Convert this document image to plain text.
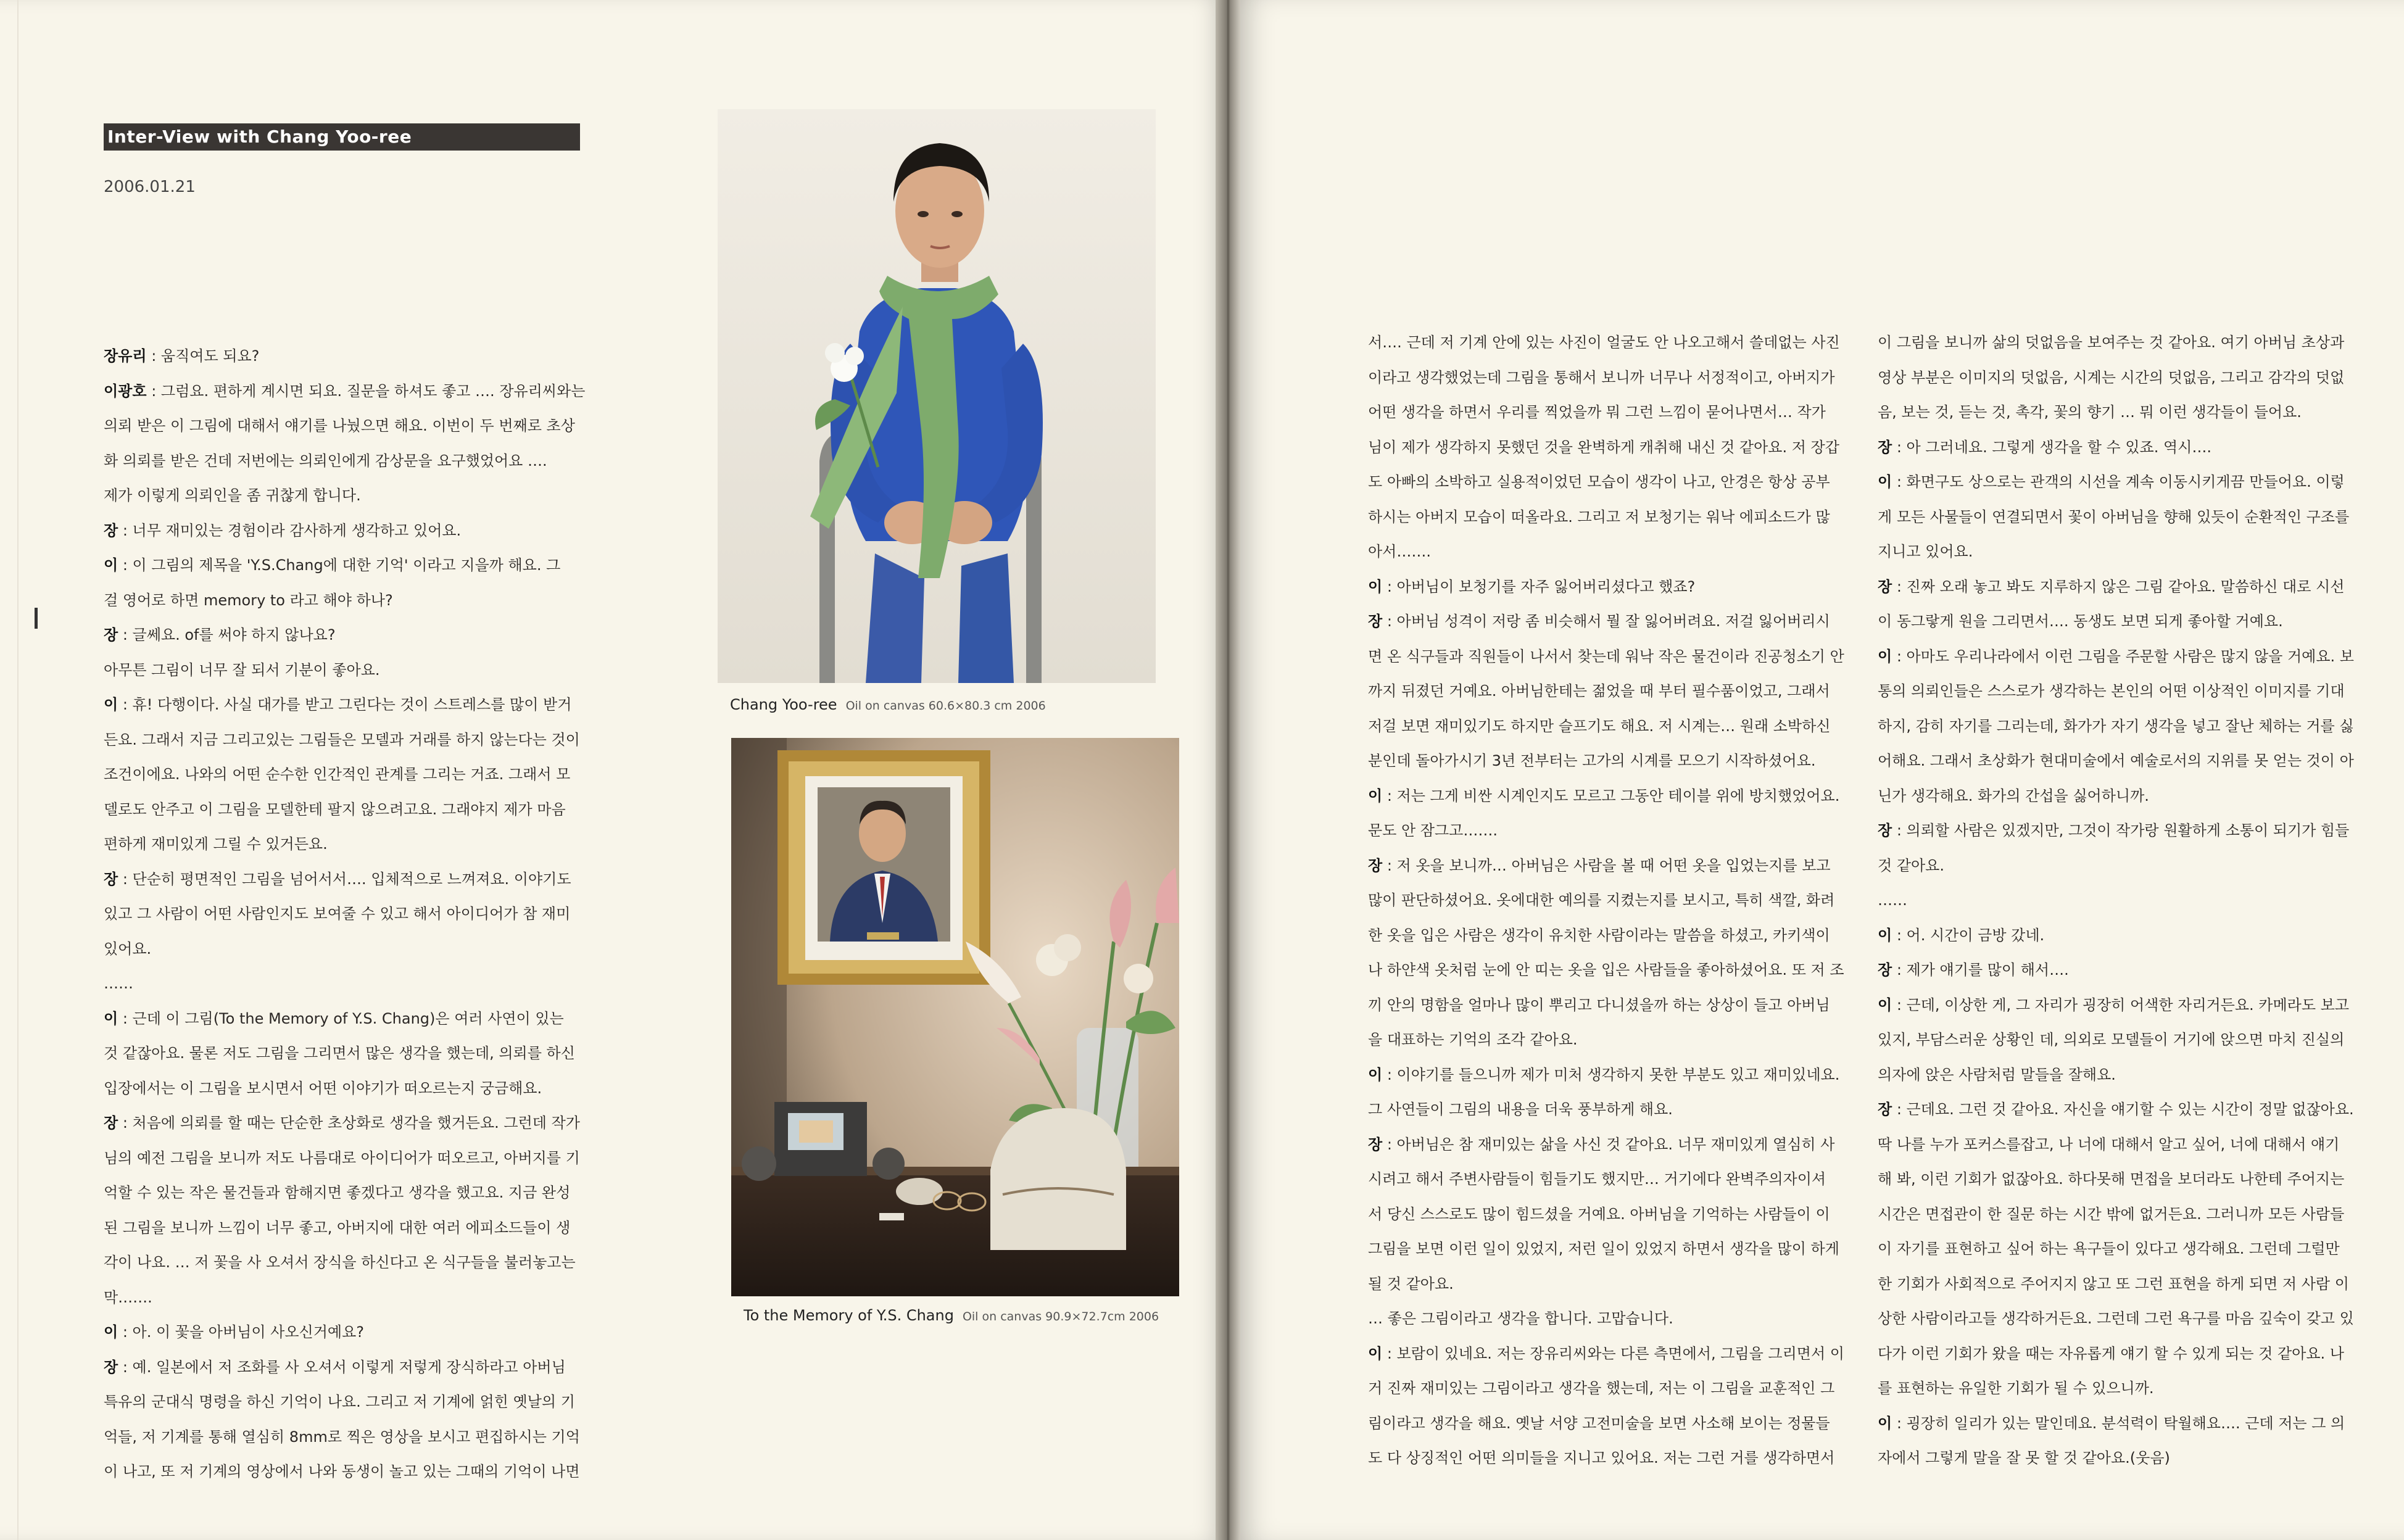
Inter-View with Chang Yoo-ree
2006.01.21

장유리 : 움직여도 되요?

이광호 : 그럼요. 편하게 계시면 되요. 질문을 하셔도 좋고 …. 장유리씨와는

의뢰 받은 이 그림에 대해서 얘기를 나눴으면 해요. 이번이 두 번째로 초상

화 의뢰를 받은 건데 저번에는 의뢰인에게 감상문을 요구했었어요 ….

제가 이렇게 의뢰인을 좀 귀찮게 합니다.

장 : 너무 재미있는 경험이라 감사하게 생각하고 있어요.

이 : 이 그림의 제목을 'Y.S.Chang에 대한 기억' 이라고 지을까 해요. 그

걸 영어로 하면 memory to 라고 해야 하나?

장 : 글쎄요. of를 써야 하지 않나요?

아무튼 그림이 너무 잘 되서 기분이 좋아요.

이 : 휴! 다행이다. 사실 대가를 받고 그린다는 것이 스트레스를 많이 받거

든요. 그래서 지금 그리고있는 그림들은 모델과 거래를 하지 않는다는 것이

조건이에요. 나와의 어떤 순수한 인간적인 관계를 그리는 거죠. 그래서 모

델로도 안주고 이 그림을 모델한테 팔지 않으려고요. 그래야지 제가 마음

편하게 재미있게 그릴 수 있거든요.

장 : 단순히 평면적인 그림을 넘어서서…. 입체적으로 느껴져요. 이야기도

있고 그 사람이 어떤 사람인지도 보여줄 수 있고 해서 아이디어가 참 재미

있어요.

……

이 : 근데 이 그림(To the Memory of Y.S. Chang)은 여러 사연이 있는

것 같잖아요. 물론 저도 그림을 그리면서 많은 생각을 했는데, 의뢰를 하신

입장에서는 이 그림을 보시면서 어떤 이야기가 떠오르는지 궁금해요.

장 : 처음에 의뢰를 할 때는 단순한 초상화로 생각을 했거든요. 그런데 작가

님의 예전 그림을 보니까 저도 나름대로 아이디어가 떠오르고, 아버지를 기

억할 수 있는 작은 물건들과 함해지면 좋겠다고 생각을 했고요. 지금 완성

된 그림을 보니까 느낌이 너무 좋고, 아버지에 대한 여러 에피소드들이 생

각이 나요. … 저 꽃을 사 오셔서 장식을 하신다고 온 식구들을 불러놓고는

막…….

이 : 아. 이 꽃을 아버님이 사오신거예요?

장 : 예. 일본에서 저 조화를 사 오셔서 이렇게 저렇게 장식하라고 아버님

특유의 군대식 명령을 하신 기억이 나요. 그리고 저 기계에 얽힌 옛날의 기

억들, 저 기계를 통해 열심히 8mm로 찍은 영상을 보시고 편집하시는 기억

이 나고, 또 저 기계의 영상에서 나와 동생이 놀고 있는 그때의 기억이 나면

Chang Yoo-ree Oil on canvas 60.6×80.3 cm 2006
To the Memory of Y.S. Chang Oil on canvas 90.9×72.7cm 2006

서…. 근데 저 기계 안에 있는 사진이 얼굴도 안 나오고해서 쓸데없는 사진

이라고 생각했었는데 그림을 통해서 보니까 너무나 서정적이고, 아버지가

어떤 생각을 하면서 우리를 찍었을까 뭐 그런 느낌이 묻어나면서… 작가

님이 제가 생각하지 못했던 것을 완벽하게 캐취해 내신 것 같아요. 저 장갑

도 아빠의 소박하고 실용적이었던 모습이 생각이 나고, 안경은 항상 공부

하시는 아버지 모습이 떠올라요. 그리고 저 보청기는 워낙 에피소드가 많

아서…….

이 : 아버님이 보청기를 자주 잃어버리셨다고 했죠?

장 : 아버님 성격이 저랑 좀 비슷해서 뭘 잘 잃어버려요. 저걸 잃어버리시

면 온 식구들과 직원들이 나서서 찾는데 워낙 작은 물건이라 진공청소기 안

까지 뒤졌던 거예요. 아버님한테는 젊었을 때 부터 필수품이었고, 그래서

저걸 보면 재미있기도 하지만 슬프기도 해요. 저 시계는… 원래 소박하신

분인데 돌아가시기 3년 전부터는 고가의 시계를 모으기 시작하셨어요.

이 : 저는 그게 비싼 시계인지도 모르고 그동안 테이블 위에 방치했었어요.

문도 안 잠그고…….

장 : 저 옷을 보니까… 아버님은 사람을 볼 때 어떤 옷을 입었는지를 보고

많이 판단하셨어요. 옷에대한 예의를 지켰는지를 보시고, 특히 색깔, 화려

한 옷을 입은 사람은 생각이 유치한 사람이라는 말씀을 하셨고, 카키색이

나 하얀색 옷처럼 눈에 안 띠는 옷을 입은 사람들을 좋아하셨어요. 또 저 조

끼 안의 명함을 얼마나 많이 뿌리고 다니셨을까 하는 상상이 들고 아버님

을 대표하는 기억의 조각 같아요.

이 : 이야기를 들으니까 제가 미처 생각하지 못한 부분도 있고 재미있네요.

그 사연들이 그림의 내용을 더욱 풍부하게 해요.

장 : 아버님은 참 재미있는 삶을 사신 것 같아요. 너무 재미있게 열심히 사

시려고 해서 주변사람들이 힘들기도 했지만… 거기에다 완벽주의자이셔

서 당신 스스로도 많이 힘드셨을 거예요. 아버님을 기억하는 사람들이 이

그림을 보면 이런 일이 있었지, 저런 일이 있었지 하면서 생각을 많이 하게

될 것 같아요.

… 좋은 그림이라고 생각을 합니다. 고맙습니다.

이 : 보람이 있네요. 저는 장유리씨와는 다른 측면에서, 그림을 그리면서 이

거 진짜 재미있는 그림이라고 생각을 했는데, 저는 이 그림을 교훈적인 그

림이라고 생각을 해요. 옛날 서양 고전미술을 보면 사소해 보이는 정물들

도 다 상징적인 어떤 의미들을 지니고 있어요. 저는 그런 거를 생각하면서

이 그림을 보니까 삶의 덧없음을 보여주는 것 같아요. 여기 아버님 초상과

영상 부분은 이미지의 덧없음, 시계는 시간의 덧없음, 그리고 감각의 덧없

음, 보는 것, 듣는 것, 촉각, 꽃의 향기 … 뭐 이런 생각들이 들어요.

장 : 아 그러네요. 그렇게 생각을 할 수 있죠. 역시….

이 : 화면구도 상으로는 관객의 시선을 계속 이동시키게끔 만들어요. 이렇

게 모든 사물들이 연결되면서 꽃이 아버님을 향해 있듯이 순환적인 구조를

지니고 있어요.

장 : 진짜 오래 놓고 봐도 지루하지 않은 그림 같아요. 말씀하신 대로 시선

이 동그랗게 원을 그리면서…. 동생도 보면 되게 좋아할 거예요.

이 : 아마도 우리나라에서 이런 그림을 주문할 사람은 많지 않을 거예요. 보

통의 의뢰인들은 스스로가 생각하는 본인의 어떤 이상적인 이미지를 기대

하지, 감히 자기를 그리는데, 화가가 자기 생각을 넣고 잘난 체하는 거를 싫

어해요. 그래서 초상화가 현대미술에서 예술로서의 지위를 못 얻는 것이 아

닌가 생각해요. 화가의 간섭을 싫어하니까.

장 : 의뢰할 사람은 있겠지만, 그것이 작가랑 원활하게 소통이 되기가 힘들

것 같아요.

……

이 : 어. 시간이 금방 갔네.

장 : 제가 얘기를 많이 해서….

이 : 근데, 이상한 게, 그 자리가 굉장히 어색한 자리거든요. 카메라도 보고

있지, 부담스러운 상황인 데, 의외로 모델들이 거기에 앉으면 마치 진실의

의자에 앉은 사람처럼 말들을 잘해요.

장 : 근데요. 그런 것 같아요. 자신을 얘기할 수 있는 시간이 정말 없잖아요.

딱 나를 누가 포커스를잡고, 나 너에 대해서 알고 싶어, 너에 대해서 얘기

해 봐, 이런 기회가 없잖아요. 하다못해 면접을 보더라도 나한테 주어지는

시간은 면접관이 한 질문 하는 시간 밖에 없거든요. 그러니까 모든 사람들

이 자기를 표현하고 싶어 하는 욕구들이 있다고 생각해요. 그런데 그럴만

한 기회가 사회적으로 주어지지 않고 또 그런 표현을 하게 되면 저 사람 이

상한 사람이라고들 생각하거든요. 그런데 그런 욕구를 마음 깊숙이 갖고 있

다가 이런 기회가 왔을 때는 자유롭게 얘기 할 수 있게 되는 것 같아요. 나

를 표현하는 유일한 기회가 될 수 있으니까.

이 : 굉장히 일리가 있는 말인데요. 분석력이 탁월해요…. 근데 저는 그 의

자에서 그렇게 말을 잘 못 할 것 같아요.(웃음)
